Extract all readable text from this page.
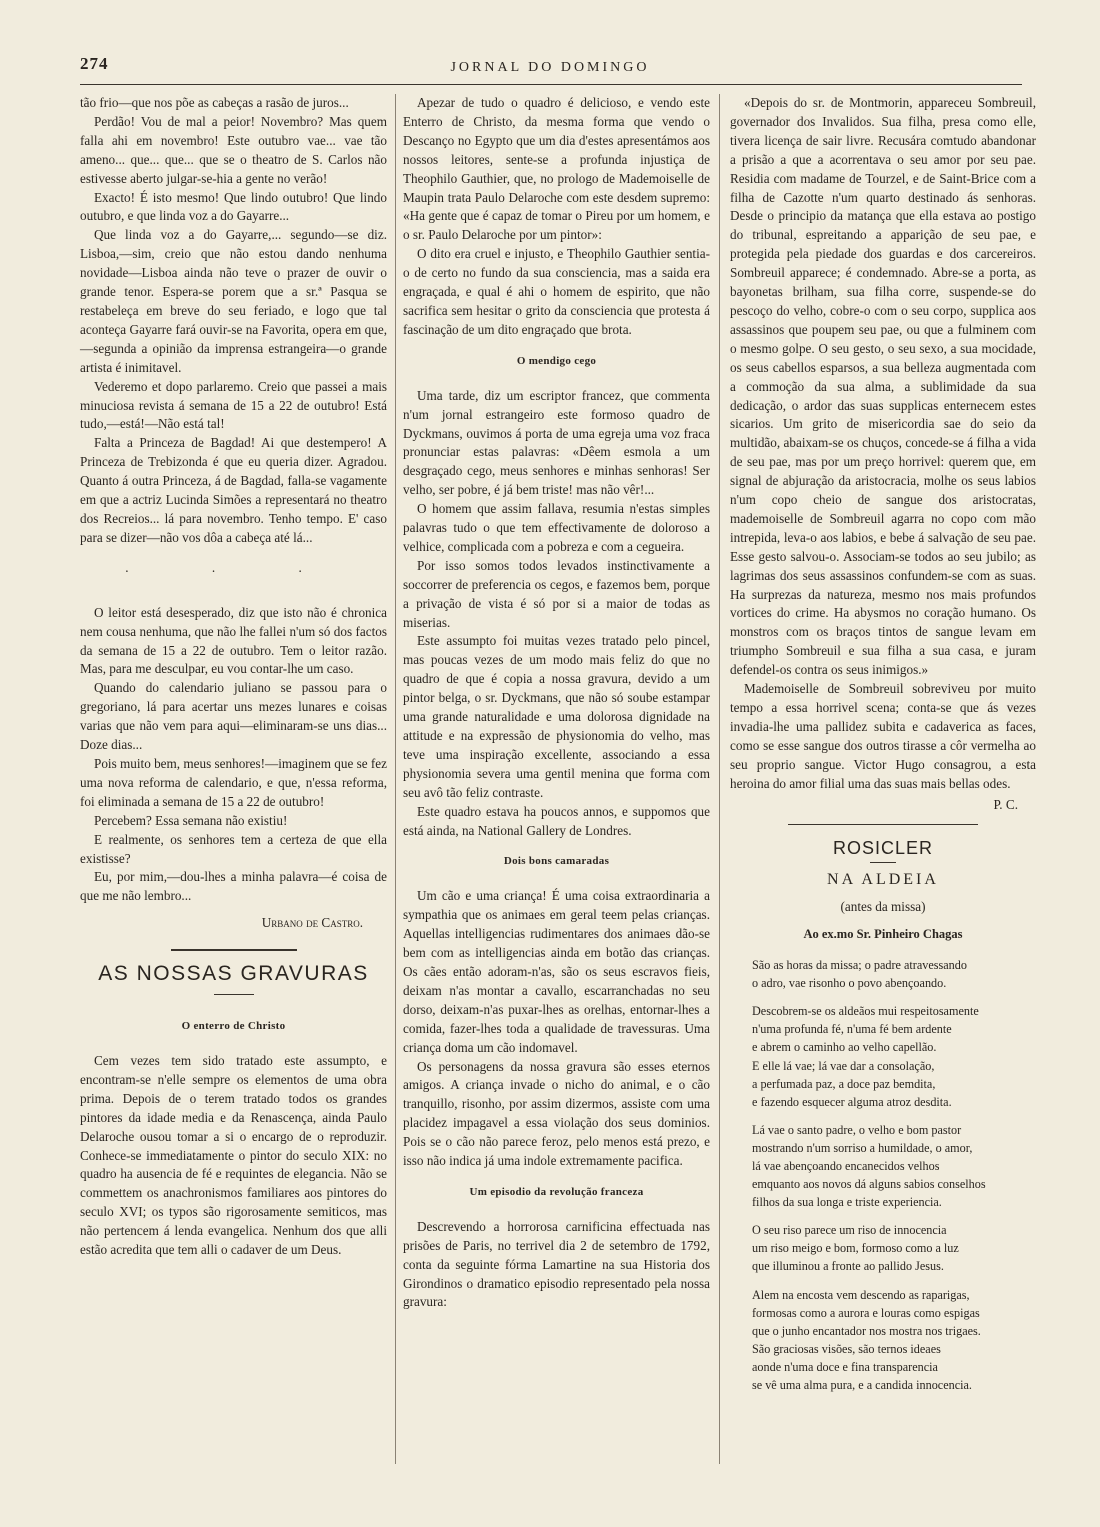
274	JORNAL DO DOMINGO

tão frio—que nos põe as cabeças a rasão de juros...

Perdão! Vou de mal a peior! Novembro? Mas quem falla ahi em novembro! Este outubro vae... vae tão ameno... que... que... que se o theatro de S. Carlos não estivesse aberto julgar-se-hia a gente no verão!

Exacto! É isto mesmo! Que lindo outubro! Que lindo outubro, e que linda voz a do Gayarre...

Que linda voz a do Gayarre,... segundo—se diz. Lisboa,—sim, creio que não estou dando nenhuma novidade—Lisboa ainda não teve o prazer de ouvir o grande tenor. Espera-se porem que a sr.ª Pasqua se restabeleça em breve do seu feriado, e logo que tal aconteça Gayarre fará ouvir-se na Favorita, opera em que,—segunda a opinião da imprensa estrangeira—o grande artista é inimitavel.

Vederemo et dopo parlaremo. Creio que passei a mais minuciosa revista á semana de 15 a 22 de outubro! Está tudo,—está!—Não está tal!

Falta a Princeza de Bagdad! Ai que destempero! A Princeza de Trebizonda é que eu queria dizer. Agradou. Quanto á outra Princeza, á de Bagdad, falla-se vagamente em que a actriz Lucinda Simões a representará no theatro dos Recreios... lá para novembro. Tenho tempo. E' caso para se dizer—não vos dôa a cabeça até lá...

. . .

O leitor está desesperado, diz que isto não é chronica nem cousa nenhuma, que não lhe fallei n'um só dos factos da semana de 15 a 22 de outubro. Tem o leitor razão. Mas, para me desculpar, eu vou contar-lhe um caso.

Quando do calendario juliano se passou para o gregoriano, lá para acertar uns mezes lunares e coisas varias que não vem para aqui—eliminaram-se uns dias... Doze dias...

Pois muito bem, meus senhores!—imaginem que se fez uma nova reforma de calendario, e que, n'essa reforma, foi eliminada a semana de 15 a 22 de outubro!

Percebem? Essa semana não existiu!

E realmente, os senhores tem a certeza de que ella existisse?

Eu, por mim,—dou-lhes a minha palavra—é coisa de que me não lembro...

Urbano de Castro.
AS NOSSAS GRAVURAS
O enterro de Christo

Cem vezes tem sido tratado este assumpto, e encontram-se n'elle sempre os elementos de uma obra prima. Depois de o terem tratado todos os grandes pintores da idade media e da Renascença, ainda Paulo Delaroche ousou tomar a si o encargo de o reproduzir. Conhece-se immediatamente o pintor do seculo XIX: no quadro ha ausencia de fé e requintes de elegancia. Não se commettem os anachronismos familiares aos pintores do seculo XVI; os typos são rigorosamente semiticos, mas não pertencem á lenda evangelica. Nenhum dos que alli estão acredita que tem alli o cadaver de um Deus.

Apezar de tudo o quadro é delicioso, e vendo este Enterro de Christo, da mesma forma que vendo o Descanço no Egypto que um dia d'estes apresentámos aos nossos leitores, sente-se a profunda injustiça de Theophilo Gauthier, que, no prologo de Mademoiselle de Maupin trata Paulo Delaroche com este desdem supremo: «Ha gente que é capaz de tomar o Pireu por um homem, e o sr. Paulo Delaroche por um pintor»:

O dito era cruel e injusto, e Theophilo Gauthier sentia-o de certo no fundo da sua consciencia, mas a saida era engraçada, e qual é ahi o homem de espirito, que não sacrifica sem hesitar o grito da consciencia que protesta á fascinação de um dito engraçado que brota.

O mendigo cego

Uma tarde, diz um escriptor francez, que commenta n'um jornal estrangeiro este formoso quadro de Dyckmans, ouvimos á porta de uma egreja uma voz fraca pronunciar estas palavras: «Dêem esmola a um desgraçado cego, meus senhores e minhas senhoras! Ser velho, ser pobre, é já bem triste! mas não vêr!...

O homem que assim fallava, resumia n'estas simples palavras tudo o que tem effectivamente de doloroso a velhice, complicada com a pobreza e com a cegueira.

Por isso somos todos levados instinctivamente a soccorrer de preferencia os cegos, e fazemos bem, porque a privação de vista é só por si a maior de todas as miserias.

Este assumpto foi muitas vezes tratado pelo pincel, mas poucas vezes de um modo mais feliz do que no quadro de que é copia a nossa gravura, devido a um pintor belga, o sr. Dyckmans, que não só soube estampar uma grande naturalidade e uma dolorosa dignidade na attitude e na expressão de physionomia do velho, mas teve uma inspiração excellente, associando a essa physionomia severa uma gentil menina que forma com seu avô tão feliz contraste.

Este quadro estava ha poucos annos, e suppomos que está ainda, na National Gallery de Londres.

Dois bons camaradas

Um cão e uma criança! É uma coisa extraordinaria a sympathia que os animaes em geral teem pelas crianças. Aquellas intelligencias rudimentares dos animaes dão-se bem com as intelligencias ainda em botão das crianças. Os cães então adoram-n'as, são os seus escravos fieis, deixam n'as montar a cavallo, escarranchadas no seu dorso, deixam-n'as puxar-lhes as orelhas, entornar-lhes a comida, fazer-lhes toda a qualidade de travessuras. Uma criança doma um cão indomavel.

Os personagens da nossa gravura são esses eternos amigos. A criança invade o nicho do animal, e o cão tranquillo, risonho, por assim dizermos, assiste com uma placidez impagavel a essa violação dos seus dominios. Pois se o cão não parece feroz, pelo menos está prezo, e isso não indica já uma indole extremamente pacifica.

Um episodio da revolução franceza

Descrevendo a horrorosa carnificina effectuada nas prisões de Paris, no terrivel dia 2 de setembro de 1792, conta da seguinte fórma Lamartine na sua Historia dos Girondinos o dramatico episodio representado pela nossa gravura:

«Depois do sr. de Montmorin, appareceu Sombreuil, governador dos Invalidos. Sua filha, presa como elle, tivera licença de sair livre. Recusára comtudo abandonar a prisão a que a acorrentava o seu amor por seu pae. Residia com madame de Tourzel, e de Saint-Brice com a filha de Cazotte n'um quarto destinado ás senhoras. Desde o principio da matança que ella estava ao postigo do tribunal, espreitando a apparição de seu pae, e protegida pela piedade dos guardas e dos carcereiros. Sombreuil apparece; é condemnado. Abre-se a porta, as bayonetas brilham, sua filha corre, suspende-se do pescoço do velho, cobre-o com o seu corpo, supplica aos assassinos que poupem seu pae, ou que a fulminem com o mesmo golpe. O seu gesto, o seu sexo, a sua mocidade, os seus cabellos esparsos, a sua belleza augmentada com a commoção da sua alma, a sublimidade da sua dedicação, o ardor das suas supplicas enternecem estes sicarios. Um grito de misericordia sae do seio da multidão, abaixam-se os chuços, concede-se á filha a vida de seu pae, mas por um preço horrivel: querem que, em signal de abjuração da aristocracia, molhe os seus labios n'um copo cheio de sangue dos aristocratas, mademoiselle de Sombreuil agarra no copo com mão intrepida, leva-o aos labios, e bebe á salvação de seu pae. Esse gesto salvou-o. Associam-se todos ao seu jubilo; as lagrimas dos seus assassinos confundem-se com as suas. Ha surprezas da natureza, mesmo nos mais profundos vortices do crime. Ha abysmos no coração humano. Os monstros com os braços tintos de sangue levam em triumpho Sombreuil e sua filha a sua casa, e juram defendel-os contra os seus inimigos.»

Mademoiselle de Sombreuil sobreviveu por muito tempo a essa horrivel scena; conta-se que ás vezes invadia-lhe uma pallidez subita e cadaverica as faces, como se esse sangue dos outros tirasse a côr vermelha ao seu proprio sangue. Victor Hugo consagrou, a esta heroina do amor filial uma das suas mais bellas odes.

P. C.
ROSICLER
NA ALDEIA
(antes da missa)
Ao ex.mo Sr. Pinheiro Chagas
São as horas da missa; o padre atravessando
o adro, vae risonho o povo abençoando.
Descobrem-se os aldeãos mui respeitosamente
n'uma profunda fé, n'uma fé bem ardente
e abrem o caminho ao velho capellão.
E elle lá vae; lá vae dar a consolação,
a perfumada paz, a doce paz bemdita,
e fazendo esquecer alguma atroz desdita.
Lá vae o santo padre, o velho e bom pastor
mostrando n'um sorriso a humildade, o amor,
lá vae abençoando encanecidos velhos
emquanto aos novos dá alguns sabios conselhos
filhos da sua longa e triste experiencia.
O seu riso parece um riso de innocencia
um riso meigo e bom, formoso como a luz
que illuminou a fronte ao pallido Jesus.
Alem na encosta vem descendo as raparigas,
formosas como a aurora e louras como espigas
que o junho encantador nos mostra nos trigaes.
São graciosas visões, são ternos ideaes
aonde n'uma doce e fina transparencia
se vê uma alma pura, e a candida innocencia.
